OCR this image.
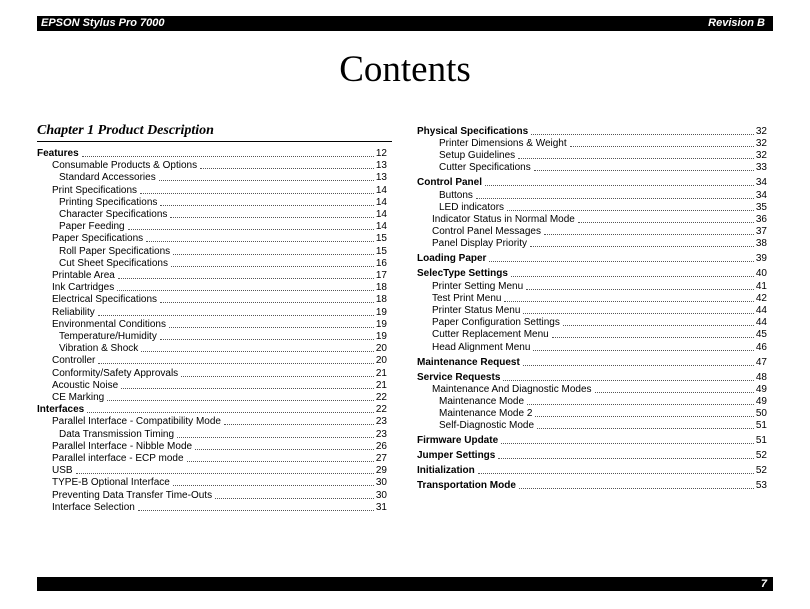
EPSON Stylus Pro 7000	Revision B
Contents
Chapter 1 Product Description
Features	12
Consumable Products & Options	13
Standard Accessories	13
Print Specifications	14
Printing Specifications	14
Character Specifications	14
Paper Feeding	14
Paper Specifications	15
Roll Paper Specifications	15
Cut Sheet Specifications	16
Printable Area	17
Ink Cartridges	18
Electrical Specifications	18
Reliability	19
Environmental Conditions	19
Temperature/Humidity	19
Vibration & Shock	20
Controller	20
Conformity/Safety Approvals	21
Acoustic Noise	21
CE Marking	22
Interfaces	22
Parallel Interface - Compatibility Mode	23
Data Transmission Timing	23
Parallel Interface - Nibble Mode	26
Parallel interface - ECP mode	27
USB	29
TYPE-B Optional Interface	30
Preventing Data Transfer Time-Outs	30
Interface Selection	31
Physical Specifications	32
Printer Dimensions & Weight	32
Setup Guidelines	32
Cutter Specifications	33
Control Panel	34
Buttons	34
LED indicators	35
Indicator Status in Normal Mode	36
Control Panel Messages	37
Panel Display Priority	38
Loading Paper	39
SelecType Settings	40
Printer Setting Menu	41
Test Print Menu	42
Printer Status Menu	44
Paper Configuration Settings	44
Cutter Replacement Menu	45
Head Alignment Menu	46
Maintenance Request	47
Service Requests	48
Maintenance And Diagnostic Modes	49
Maintenance Mode	49
Maintenance Mode 2	50
Self-Diagnostic Mode	51
Firmware Update	51
Jumper Settings	52
Initialization	52
Transportation Mode	53
7
